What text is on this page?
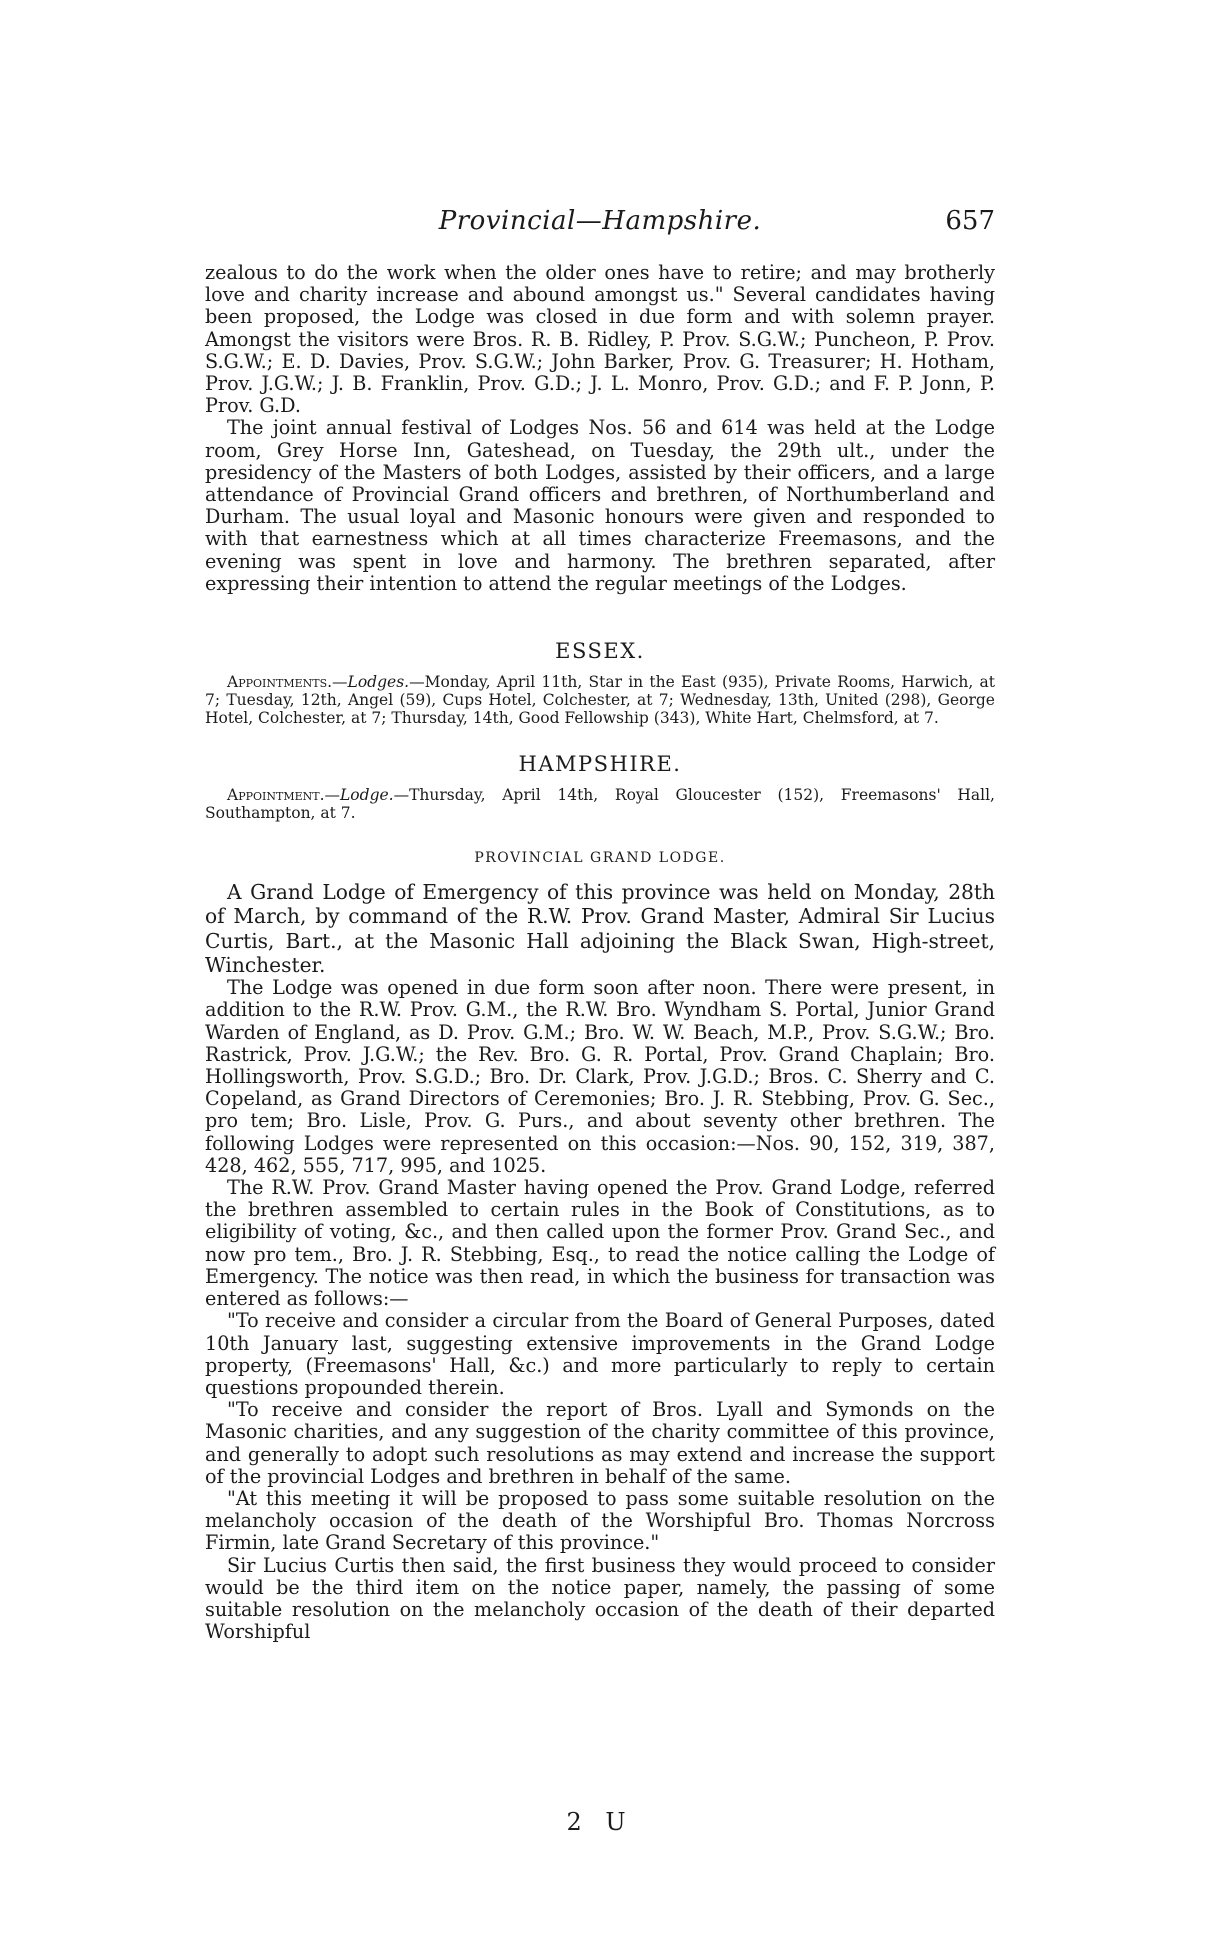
Provincial—Hampshire.	657

zealous to do the work when the older ones have to retire; and may brotherly love and charity increase and abound amongst us." Several candidates having been proposed, the Lodge was closed in due form and with solemn prayer. Amongst the visitors were Bros. R. B. Ridley, P. Prov. S.G.W.; Puncheon, P. Prov. S.G.W.; E. D. Davies, Prov. S.G.W.; John Barker, Prov. G. Treasurer; H. Hotham, Prov. J.G.W.; J. B. Franklin, Prov. G.D.; J. L. Monro, Prov. G.D.; and F. P. Jonn, P. Prov. G.D.

The joint annual festival of Lodges Nos. 56 and 614 was held at the Lodge room, Grey Horse Inn, Gateshead, on Tuesday, the 29th ult., under the presidency of the Masters of both Lodges, assisted by their officers, and a large attendance of Provincial Grand officers and brethren, of Northumberland and Durham. The usual loyal and Masonic honours were given and responded to with that earnestness which at all times characterize Freemasons, and the evening was spent in love and harmony. The brethren separated, after expressing their intention to attend the regular meetings of the Lodges.

ESSEX.

Appointments.—Lodges.—Monday, April 11th, Star in the East (935), Private Rooms, Harwich, at 7; Tuesday, 12th, Angel (59), Cups Hotel, Colchester, at 7; Wednesday, 13th, United (298), George Hotel, Colchester, at 7; Thursday, 14th, Good Fellowship (343), White Hart, Chelmsford, at 7.

HAMPSHIRE.

Appointment.—Lodge.—Thursday, April 14th, Royal Gloucester (152), Freemasons' Hall, Southampton, at 7.

PROVINCIAL GRAND LODGE.

A Grand Lodge of Emergency of this province was held on Monday, 28th of March, by command of the R.W. Prov. Grand Master, Admiral Sir Lucius Curtis, Bart., at the Masonic Hall adjoining the Black Swan, High-street, Winchester.

The Lodge was opened in due form soon after noon. There were present, in addition to the R.W. Prov. G.M., the R.W. Bro. Wyndham S. Portal, Junior Grand Warden of England, as D. Prov. G.M.; Bro. W. W. Beach, M.P., Prov. S.G.W.; Bro. Rastrick, Prov. J.G.W.; the Rev. Bro. G. R. Portal, Prov. Grand Chaplain; Bro. Hollingsworth, Prov. S.G.D.; Bro. Dr. Clark, Prov. J.G.D.; Bros. C. Sherry and C. Copeland, as Grand Directors of Ceremonies; Bro. J. R. Stebbing, Prov. G. Sec., pro tem; Bro. Lisle, Prov. G. Purs., and about seventy other brethren. The following Lodges were represented on this occasion:—Nos. 90, 152, 319, 387, 428, 462, 555, 717, 995, and 1025.

The R.W. Prov. Grand Master having opened the Prov. Grand Lodge, referred the brethren assembled to certain rules in the Book of Constitutions, as to eligibility of voting, &c., and then called upon the former Prov. Grand Sec., and now pro tem., Bro. J. R. Stebbing, Esq., to read the notice calling the Lodge of Emergency. The notice was then read, in which the business for transaction was entered as follows:—

"To receive and consider a circular from the Board of General Purposes, dated 10th January last, suggesting extensive improvements in the Grand Lodge property, (Freemasons' Hall, &c.) and more particularly to reply to certain questions propounded therein.

"To receive and consider the report of Bros. Lyall and Symonds on the Masonic charities, and any suggestion of the charity committee of this province, and generally to adopt such resolutions as may extend and increase the support of the provincial Lodges and brethren in behalf of the same.

"At this meeting it will be proposed to pass some suitable resolution on the melancholy occasion of the death of the Worshipful Bro. Thomas Norcross Firmin, late Grand Secretary of this province."

Sir Lucius Curtis then said, the first business they would proceed to consider would be the third item on the notice paper, namely, the passing of some suitable resolution on the melancholy occasion of the death of their departed Worshipful

2 U
